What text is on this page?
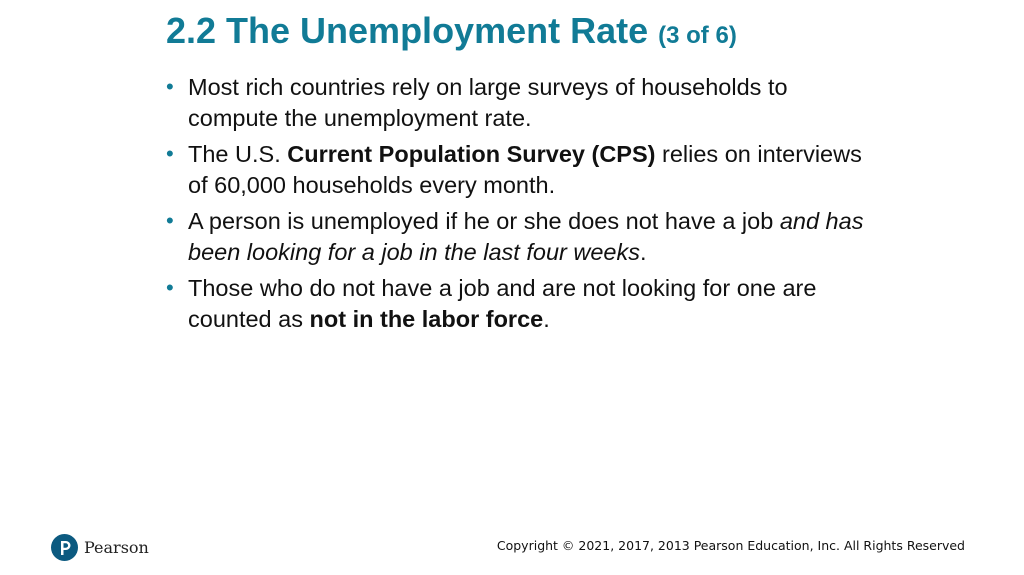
2.2 The Unemployment Rate (3 of 6)
• Most rich countries rely on large surveys of households to compute the unemployment rate.
• The U.S. Current Population Survey (CPS) relies on interviews of 60,000 households every month.
• A person is unemployed if he or she does not have a job and has been looking for a job in the last four weeks.
• Those who do not have a job and are not looking for one are counted as not in the labor force.
Pearson	Copyright © 2021, 2017, 2013 Pearson Education, Inc. All Rights Reserved
